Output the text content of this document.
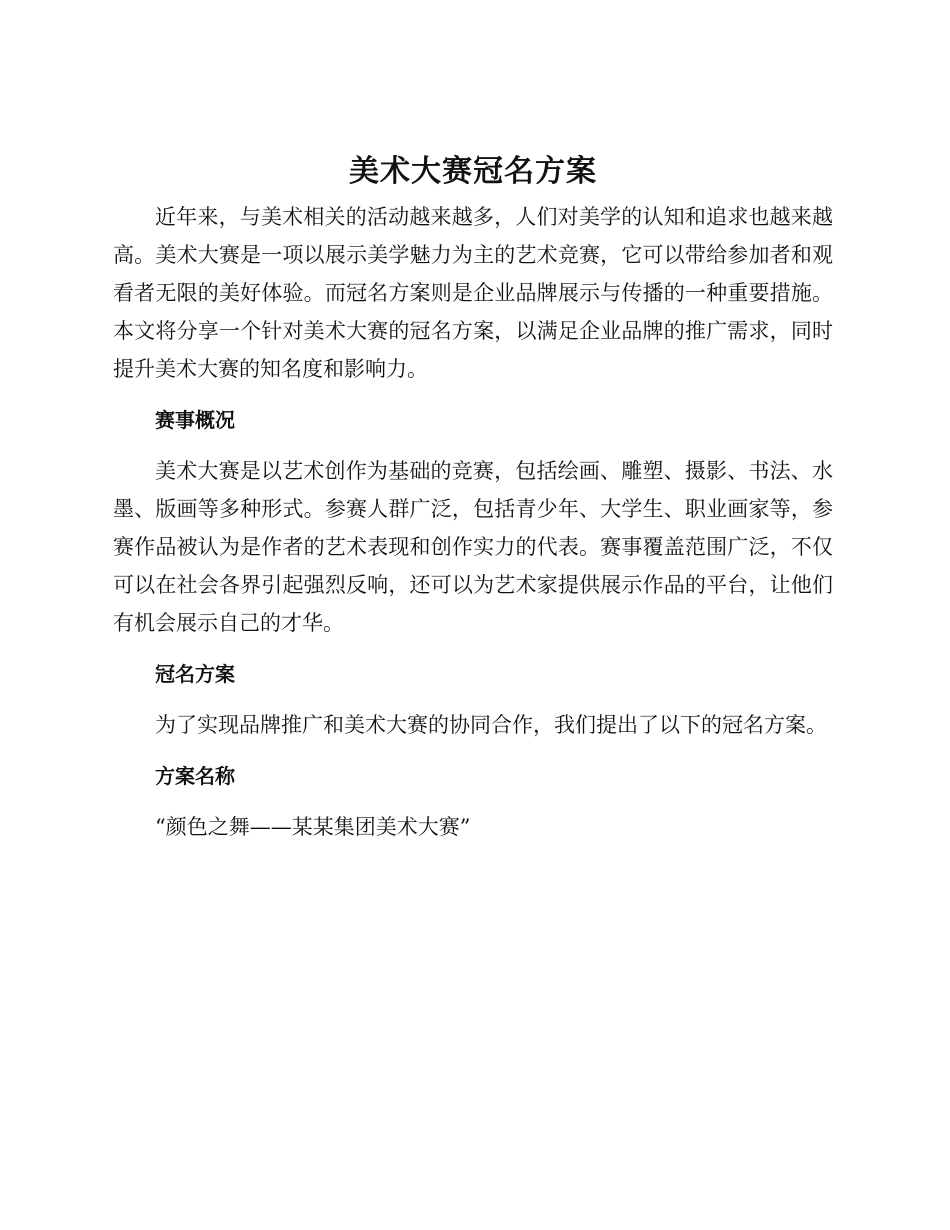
美术大赛冠名方案

近年来，与美术相关的活动越来越多，人们对美学的认知和追求也越来越高。美术大赛是一项以展示美学魅力为主的艺术竞赛，它可以带给参加者和观看者无限的美好体验。而冠名方案则是企业品牌展示与传播的一种重要措施。本文将分享一个针对美术大赛的冠名方案，以满足企业品牌的推广需求，同时提升美术大赛的知名度和影响力。

赛事概况

美术大赛是以艺术创作为基础的竞赛，包括绘画、雕塑、摄影、书法、水墨、版画等多种形式。参赛人群广泛，包括青少年、大学生、职业画家等，参赛作品被认为是作者的艺术表现和创作实力的代表。赛事覆盖范围广泛，不仅可以在社会各界引起强烈反响，还可以为艺术家提供展示作品的平台，让他们有机会展示自己的才华。

冠名方案

为了实现品牌推广和美术大赛的协同合作，我们提出了以下的冠名方案。

方案名称

“颜色之舞——某某集团美术大赛”
